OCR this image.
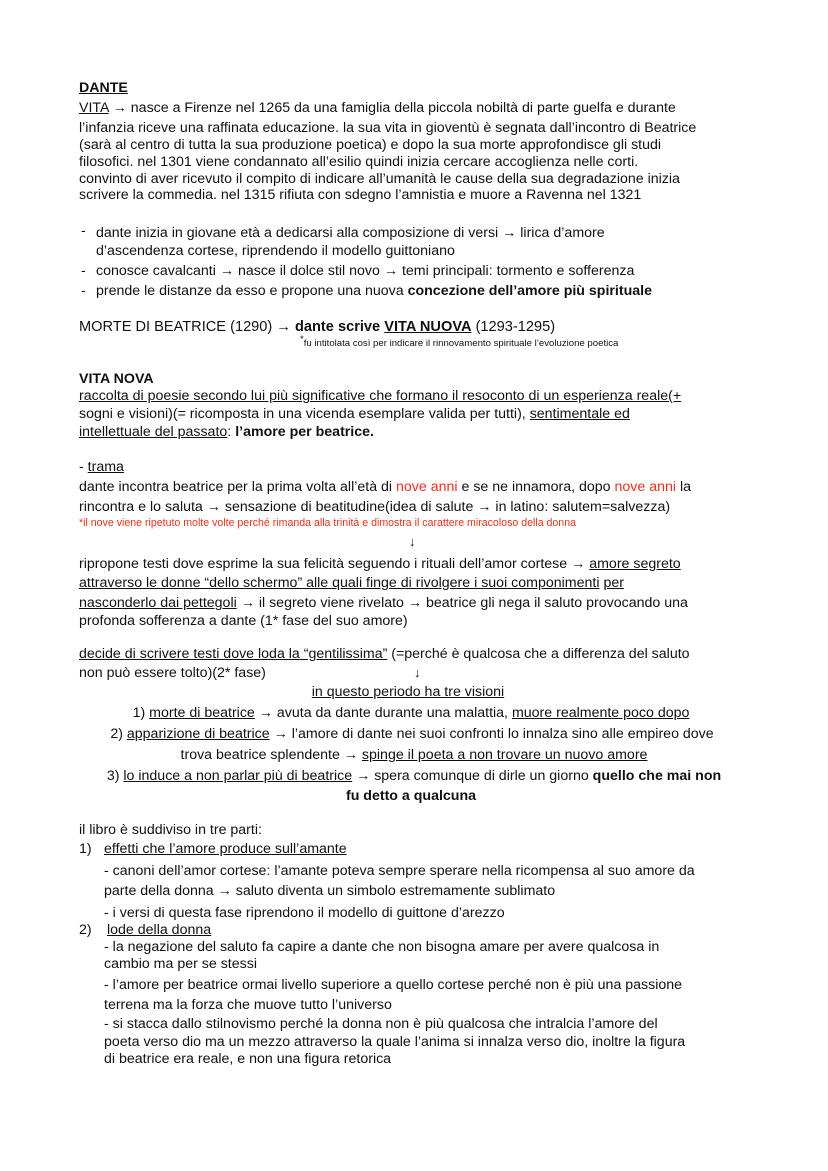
DANTE
VITA → nasce a Firenze nel 1265 da una famiglia della piccola nobiltà di parte guelfa e durante
l’infanzia riceve una raffinata educazione. la sua vita in gioventù è segnata dall’incontro di Beatrice
(sarà al centro di tutta la sua produzione poetica) e dopo la sua morte approfondisce gli studi
filosofici. nel 1301 viene condannato all’esilio quindi inizia cercare accoglienza nelle corti.
convinto di aver ricevuto il compito di indicare all’umanità le cause della sua degradazione inizia
scrivere la commedia. nel 1315 rifiuta con sdegno l’amnistia e muore a Ravenna nel 1321
- dante inizia in giovane età a dedicarsi alla composizione di versi → lirica d’amore
d’ascendenza cortese, riprendendo il modello guittoniano
- conosce cavalcanti → nasce il dolce stil novo → temi principali: tormento e sofferenza
- prende le distanze da esso e propone una nuova concezione dell’amore più spirituale
MORTE DI BEATRICE (1290) → dante scrive VITA NUOVA (1293-1295)
*fu intitolata così per indicare il rinnovamento spirituale l’evoluzione poetica
VITA NOVA
raccolta di poesie secondo lui più significative che formano il resoconto di un esperienza reale(+
sogni e visioni)(= ricomposta in una vicenda esemplare valida per tutti), sentimentale ed
intellettuale del passato: l’amore per beatrice.
- trama
dante incontra beatrice per la prima volta all’età di nove anni e se ne innamora, dopo nove anni la
rincontra e lo saluta → sensazione di beatitudine(idea di salute → in latino: salutem=salvezza)
*il nove viene ripetuto molte volte perché rimanda alla trinità e dimostra il carattere miracoloso della donna
↓
ripropone testi dove esprime la sua felicità seguendo i rituali dell’amor cortese → amore segreto
attraverso le donne “dello schermo” alle quali finge di rivolgere i suoi componimenti per
nasconderlo dai pettegoli → il segreto viene rivelato → beatrice gli nega il saluto provocando una
profonda sofferenza a dante (1* fase del suo amore)
decide di scrivere testi dove loda la “gentilissima” (=perché è qualcosa che a differenza del saluto
non può essere tolto)(2* fase)	↓
in questo periodo ha tre visioni
1) morte di beatrice → avuta da dante durante una malattia, muore realmente poco dopo
2) apparizione di beatrice → l’amore di dante nei suoi confronti lo innalza sino alle empireo dove
trova beatrice splendente → spinge il poeta a non trovare un nuovo amore
3) lo induce a non parlar più di beatrice → spera comunque di dirle un giorno quello che mai non
fu detto a qualcuna
il libro è suddiviso in tre parti:
1) effetti che l’amore produce sull’amante
- canoni dell’amor cortese: l’amante poteva sempre sperare nella ricompensa al suo amore da
parte della donna → saluto diventa un simbolo estremamente sublimato
- i versi di questa fase riprendono il modello di guittone d’arezzo
2) lode della donna
- la negazione del saluto fa capire a dante che non bisogna amare per avere qualcosa in
cambio ma per se stessi
- l’amore per beatrice ormai livello superiore a quello cortese perché non è più una passione
terrena ma la forza che muove tutto l’universo
- si stacca dallo stilnovismo perché la donna non è più qualcosa che intralcia l’amore del
poeta verso dio ma un mezzo attraverso la quale l’anima si innalza verso dio, inoltre la figura
di beatrice era reale, e non una figura retorica
